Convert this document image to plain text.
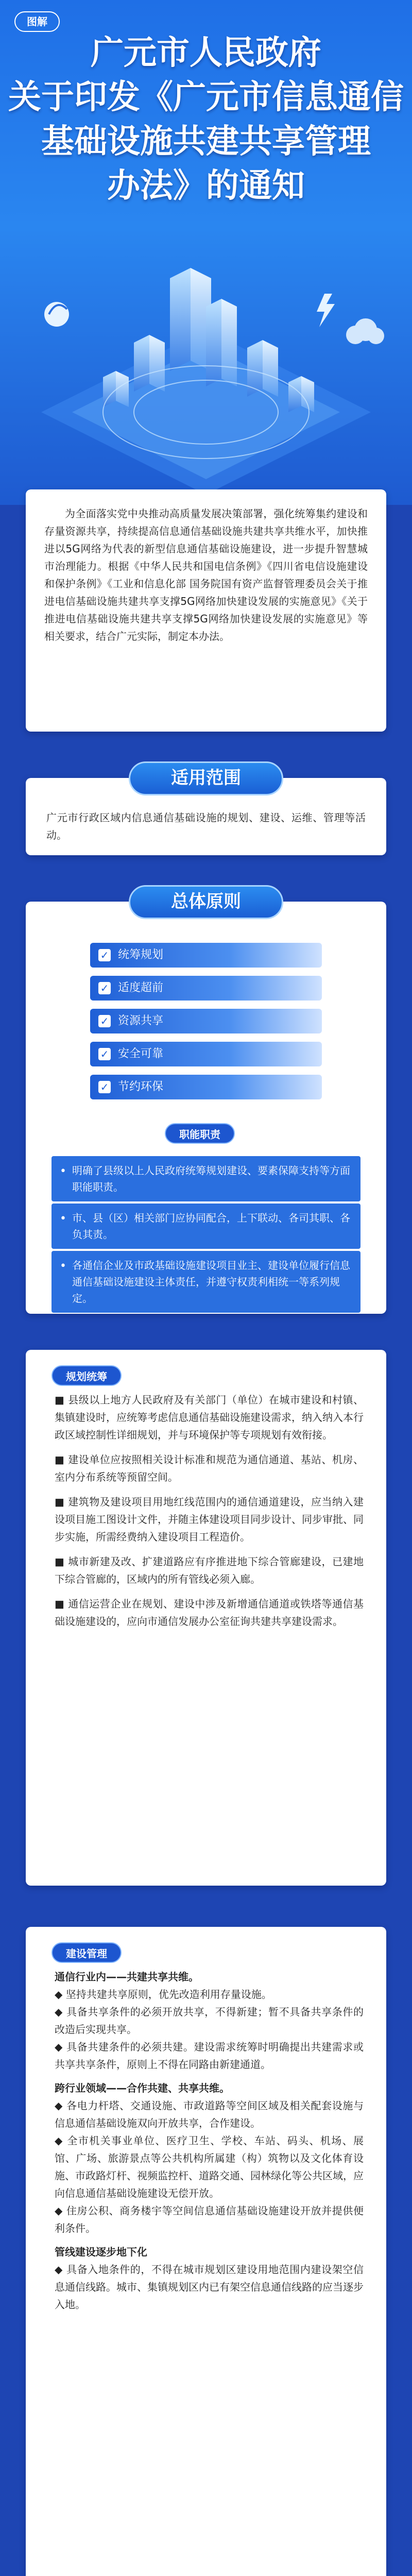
图解
广元市人民政府
关于印发《广元市信息通信
基础设施共建共享管理
办法》的通知

为全面落实党中央推动高质量发展决策部署，强化统筹集约建设和存量资源共享，持续提高信息通信基础设施共建共享共维水平，加快推进以5G网络为代表的新型信息通信基础设施建设，进一步提升智慧城市治理能力。根据《中华人民共和国电信条例》《四川省电信设施建设和保护条例》《工业和信息化部 国务院国有资产监督管理委员会关于推进电信基础设施共建共享支撑5G网络加快建设发展的实施意见》《关于推进电信基础设施共建共享支撑5G网络加快建设发展的实施意见》等相关要求，结合广元实际，制定本办法。

广元市行政区域内信息通信基础设施的规划、建设、运维、管理等活动。

适用范围
总体原则
✓ 统筹规划
✓ 适度超前
✓ 资源共享
✓ 安全可靠
✓ 节约环保
职能职责
• 明确了县级以上人民政府统筹规划建设、要素保障支持等方面职能职责。
• 市、县（区）相关部门应协同配合，上下联动、各司其职、各负其责。
• 各通信企业及市政基础设施建设项目业主、建设单位履行信息通信基础设施建设主体责任，并遵守权责利相统一等系列规定。
■ 县级以上地方人民政府及有关部门（单位）在城市建设和村镇、集镇建设时，应统筹考虑信息通信基础设施建设需求，纳入纳入本行政区域控制性详细规划，并与环境保护等专项规划有效衔接。
■ 建设单位应按照相关设计标准和规范为通信通道、基站、机房、室内分布系统等预留空间。
■ 建筑物及建设项目用地红线范围内的通信通道建设，应当纳入建设项目施工图设计文件，并随主体建设项目同步设计、同步审批、同步实施，所需经费纳入建设项目工程造价。
■ 城市新建及改、扩建道路应有序推进地下综合管廊建设，已建地下综合管廊的，区域内的所有管线必须入廊。
■ 通信运营企业在规划、建设中涉及新增通信通道或铁塔等通信基础设施建设的，应向市通信发展办公室征询共建共享建设需求。
规划统筹
通信行业内——共建共享共维。
◆ 坚持共建共享原则，优先改造利用存量设施。
◆ 具备共享条件的必须开放共享，不得新建；暂不具备共享条件的改造后实现共享。
◆ 具备共建条件的必须共建。建设需求统筹时明确提出共建需求或共享共享条件，原则上不得在同路由新建通道。
跨行业领域——合作共建、共享共维。
◆ 各电力杆塔、交通设施、市政道路等空间区域及相关配套设施与信息通信基础设施双向开放共享，合作建设。
◆ 全市机关事业单位、医疗卫生、学校、车站、码头、机场、展馆、广场、旅游景点等公共机构所属建（构）筑物以及文化体育设施、市政路灯杆、视频监控杆、道路交通、园林绿化等公共区域，应向信息通信基础设施建设无偿开放。
◆ 住房公积、商务楼宇等空间信息通信基础设施建设开放并提供便利条件。
管线建设逐步地下化
◆ 具备入地条件的，不得在城市规划区建设用地范围内建设架空信息通信线路。城市、集镇规划区内已有架空信息通信线路的应当逐步入地。
建设管理
